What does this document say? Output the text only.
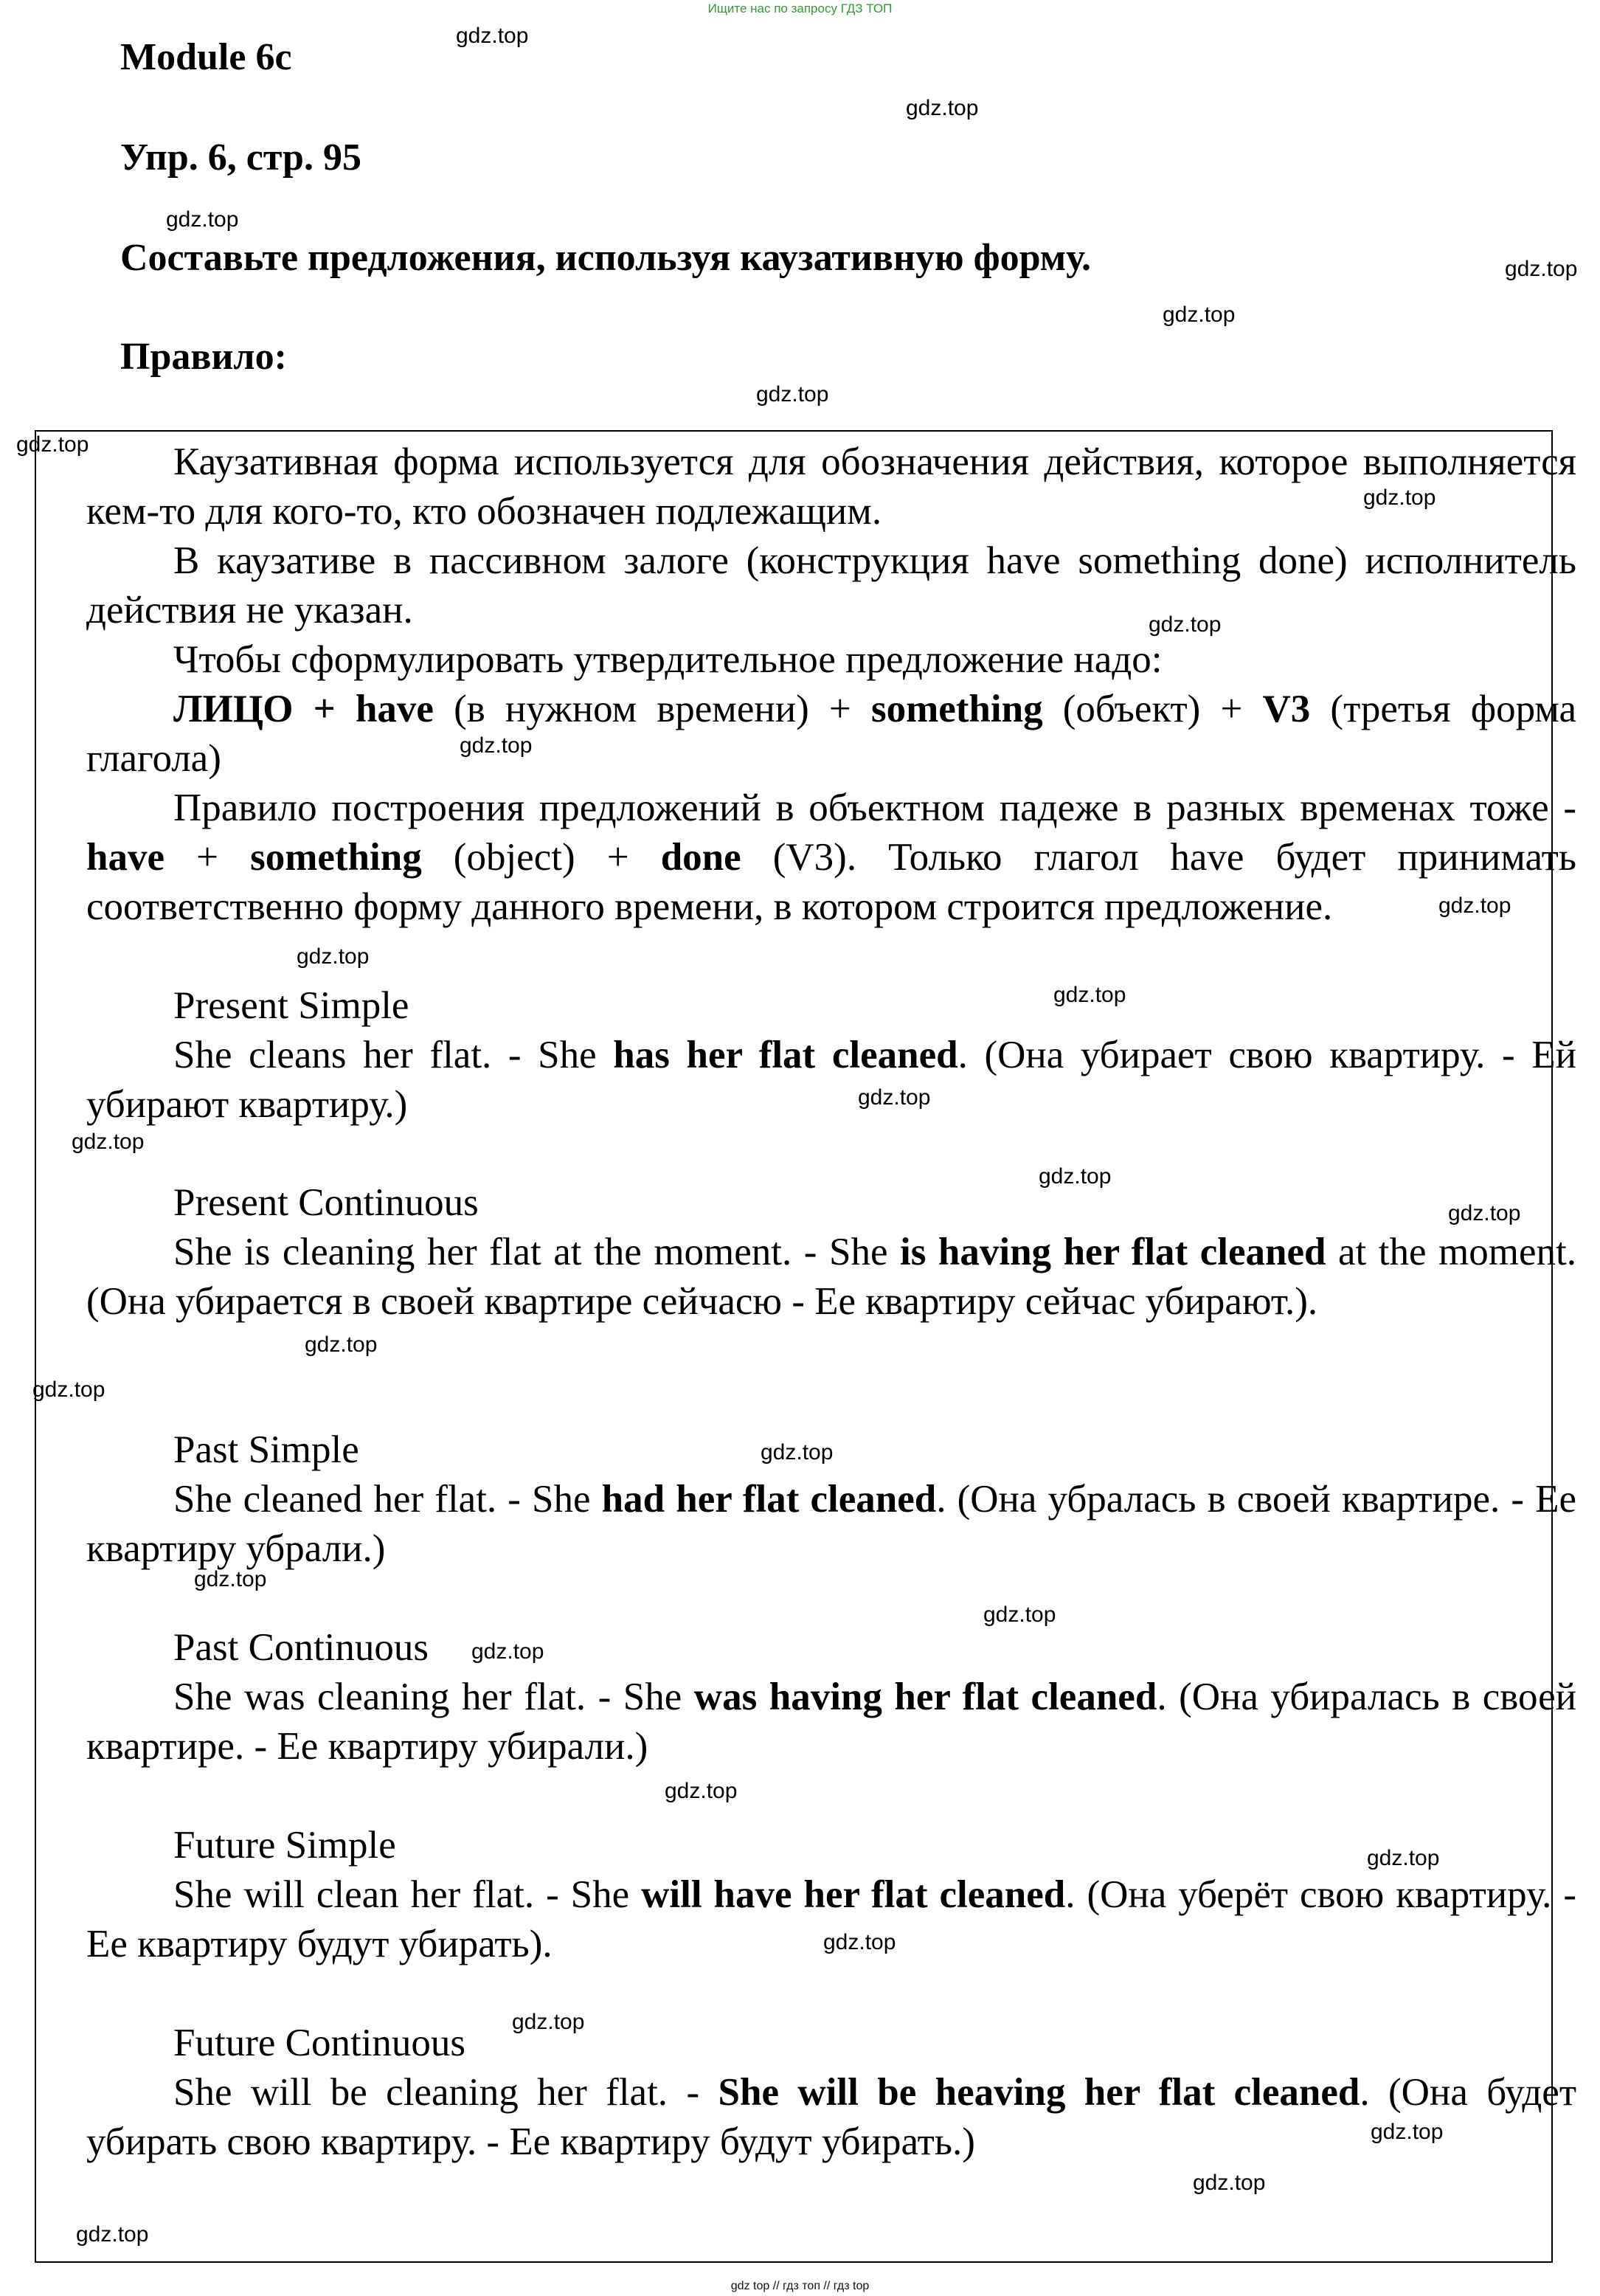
Ищите нас по запросу ГДЗ ТОП
Module 6c
Упр. 6, стр. 95
Составьте предложения, используя каузативную форму.
Правило:

Каузативная форма используется для обозначения действия, которое выполняется кем-то для кого-то, кто обозначен подлежащим.

В каузативе в пассивном залоге (конструкция have something done) исполнитель действия не указан.

Чтобы сформулировать утвердительное предложение надо:

ЛИЦО + have (в нужном времени) + something (объект) + V3 (третья форма глагола)

Правило построения предложений в объектном падеже в разных временах тоже - have + something (object) + done (V3). Только глагол have будет принимать соответственно форму данного времени, в котором строится предложение.

Present Simple

She cleans her flat. - She has her flat cleaned. (Она убирает свою квартиру. - Ей убирают квартиру.)

Present Continuous

She is cleaning her flat at the moment. - She is having her flat cleaned at the moment. (Она убирается в своей квартире сейчасю - Ее квартиру сейчас убирают.).

Past Simple

She cleaned her flat. - She had her flat cleaned. (Она убралась в своей квартире. - Ее квартиру убрали.)

Past Continuous

She was cleaning her flat. - She was having her flat cleaned. (Она убиралась в своей квартире. - Ее квартиру убирали.)

Future Simple

She will clean her flat. - She will have her flat cleaned. (Она уберёт свою квартиру. - Ее квартиру будут убирать).

Future Continuous

She will be cleaning her flat. - She will be heaving her flat cleaned. (Она будет убирать свою квартиру. - Ее квартиру будут убирать.)

gdz.top
gdz.top
gdz.top
gdz.top
gdz.top
gdz.top
gdz.top
gdz.top
gdz.top
gdz.top
gdz.top
gdz.top
gdz.top
gdz.top
gdz.top
gdz.top
gdz.top
gdz.top
gdz.top
gdz.top
gdz.top
gdz.top
gdz.top
gdz.top
gdz.top
gdz.top
gdz.top
gdz.top
gdz.top
gdz.top
gdz top // гдз топ // гдз top
